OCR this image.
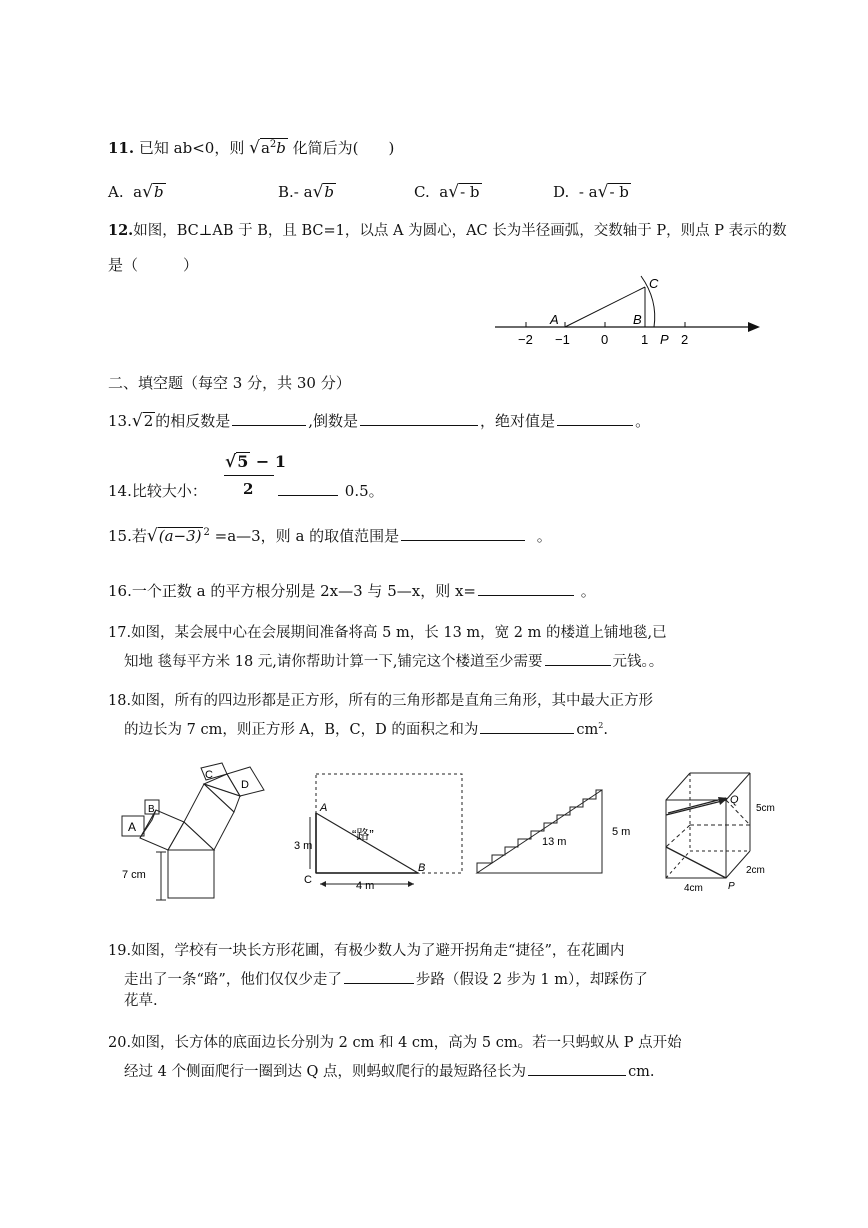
11. 已知 ab<0，则 $√a^2b$ 化简后为(　　)
A. a√b	B.- a√b	C. a√- b	D. - a√- b
12.如图，BC⊥AB 于 B，且 BC=1，以点 A 为圆心，AC 长为半径画弧，交数轴于 P，则点 P 表示的数
是（　　　）
−2 −1 0	1	2
A	B
C
P
二、填空题（每空 3 分，共 30 分）
13.√2 的相反数是	,倒数是	，绝对值是	。
√5 − 1
2
14.比较大小：	0.5。
15.若√(a−3) $^2$ =a—3，则 a 的取值范围是	。
16.一个正数 a 的平方根分别是 2x—3 与 5—x，则 x=	。
17.如图，某会展中心在会展期间准备将高 5 m，长 13 m，宽 2 m 的楼道上铺地毯,已
知地 毯每平方米 18 元,请你帮助计算一下,铺完这个楼道至少需要	元钱。。
18.如图，所有的四边形都是正方形，所有的三角形都是直角三角形，其中最大正方形
的边长为 7 cm，则正方形 A，B，C，D 的面积之和为	$cm^2$.
A
B
C
D
7 cm
A
B
C
“路”
3 m
4 m
13 m
5 m
Q
P
5cm
2cm
4cm
19.如图，学校有一块长方形花圃，有极少数人为了避开拐角走“捷径”，在花圃内
走出了一条“路”，他们仅仅少走了	步路（假设 2 步为 1 m），却踩伤了
花草.
20.如图，长方体的底面边长分别为 2 cm 和 4 cm，高为 5 cm。若一只蚂蚁从 P 点开始
经过 4 个侧面爬行一圈到达 Q 点，则蚂蚁爬行的最短路径长为	cm.
